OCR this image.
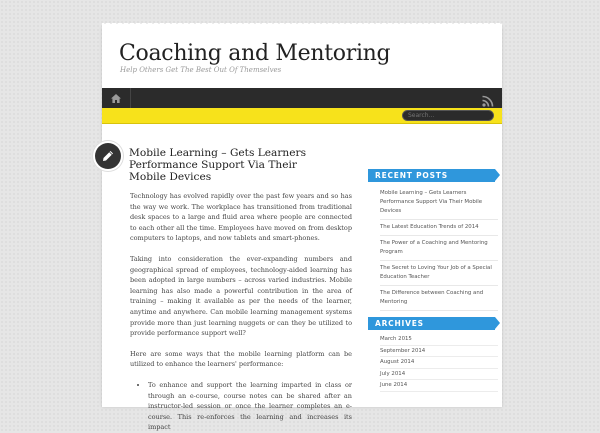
Coaching and Mentoring
Help Others Get The Best Out Of Themselves
Search...
Mobile Learning – Gets Learners Performance Support Via Their Mobile Devices

Technology has evolved rapidly over the past few years and so has the way we work. The workplace has transitioned from traditional desk spaces to a large and fluid area where people are connected to each other all the time. Employees have moved on from desktop computers to laptops, and now tablets and smart-phones.

Taking into consideration the ever-expanding numbers and geographical spread of employees, technology-aided learning has been adopted in large numbers – across varied industries. Mobile learning has also made a powerful contribution in the area of training – making it available as per the needs of the learner, anytime and anywhere. Can mobile learning management systems provide more than just learning nuggets or can they be utilized to provide performance support well?

Here are some ways that the mobile learning platform can be utilized to enhance the learners' performance:

• To enhance and support the learning imparted in class or through an e-course, course notes can be shared after an instructor-led session or once the learner completes an e-course. This re-enforces the learning and increases its impact
RECENT POSTS
Mobile Learning – Gets Learners Performance Support Via Their Mobile Devices
The Latest Education Trends of 2014
The Power of a Coaching and Mentoring Program
The Secret to Loving Your Job of a Special Education Teacher
The Difference between Coaching and Mentoring
ARCHIVES
March 2015
September 2014
August 2014
July 2014
June 2014
